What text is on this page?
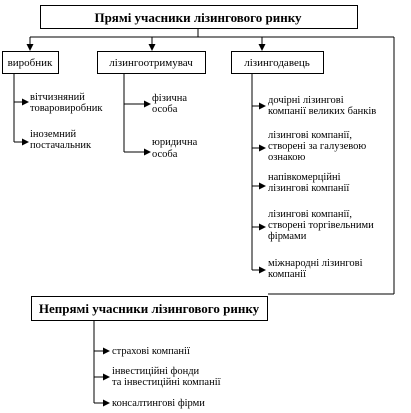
Прямі учасники лізингового ринку
Непрямі учасники лізингового ринку
виробник	лізингоотримувач	лізингодавець
вітчизняний товаровиробник
іноземний постачальник
фізична особа
юридична особа
дочірні лізингові компанії великих банків
лізингові компанії, створені за галузевою ознакою
напівкомерційні лізингові компанії
лізингові компанії, створені торгівельними фірмами
міжнародні лізингові компанії
страхові компанії
інвестиційні фонди та інвестиційні компанії
консалтингові фірми
